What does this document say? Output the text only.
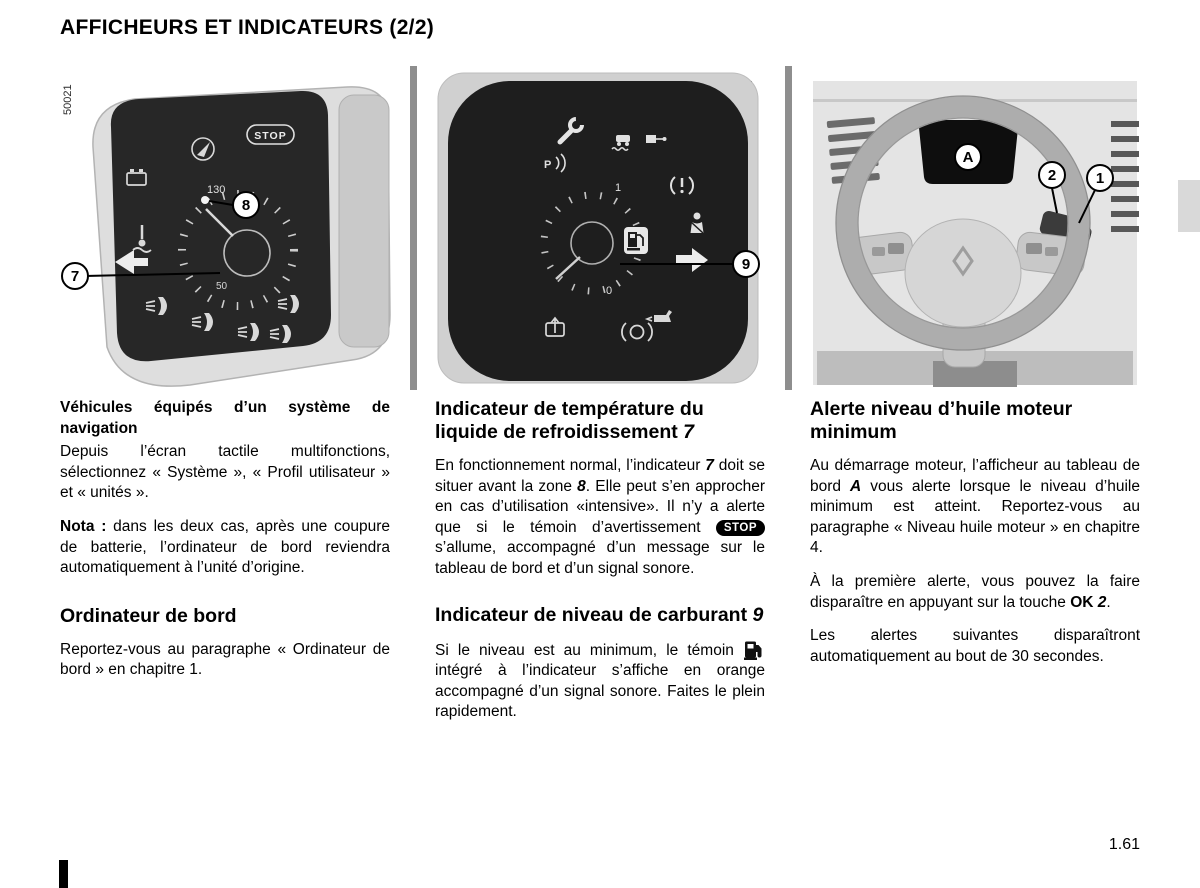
AFFICHEURS ET INDICATEURS (2/2)
50021
STOP
130
50
8
7
P
1
0
9
A
2	1

Véhicules équipés d’un système de navigation

Depuis l’écran tactile multifonctions, sélectionnez « Système », « Profil utilisateur » et « unités ».

Nota : dans les deux cas, après une coupure de batterie, l’ordinateur de bord reviendra automatiquement à l’unité d’origine.

Ordinateur de bord

Reportez-vous au paragraphe « Ordinateur de bord » en chapitre 1.

Indicateur de température du liquide de refroidissement 7

En fonctionnement normal, l’indicateur 7 doit se situer avant la zone 8. Elle peut s’en approcher en cas d’utilisation «intensive». Il n’y a alerte que si le témoin d’avertissement STOP s’allume, accompagné d’un message sur le tableau de bord et d’un signal sonore.

Indicateur de niveau de carburant 9

Si le niveau est au minimum, le témoin  intégré à l’indicateur s’affiche en orange accompagné d’un signal sonore. Faites le plein rapidement.

Alerte niveau d’huile moteur minimum

Au démarrage moteur, l’afficheur au tableau de bord A vous alerte lorsque le niveau d’huile minimum est atteint. Reportez-vous au paragraphe « Niveau huile moteur » en chapitre 4.

À la première alerte, vous pouvez la faire disparaître en appuyant sur la touche OK 2.

Les alertes suivantes disparaîtront automatiquement au bout de 30 secondes.

1.61
